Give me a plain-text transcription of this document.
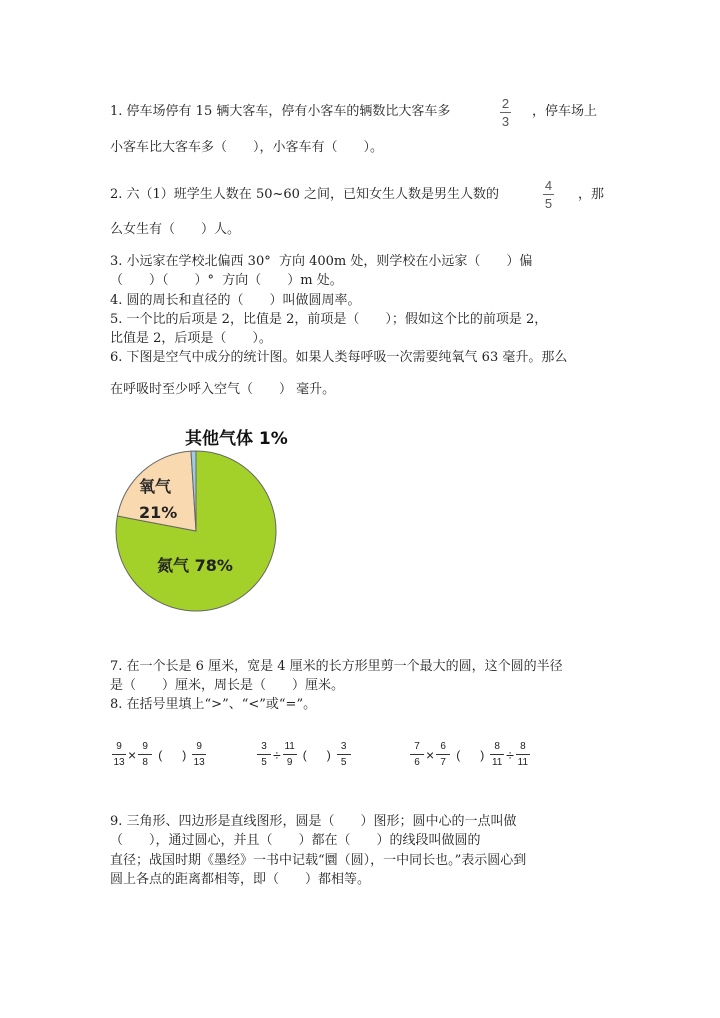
1. 停车场停有 15 辆大客车，停有小客车的辆数比大客车多
2
3
，停车场上
小客车比大客车多（　　），小客车有（　　）。
2. 六（1）班学生人数在 50~60 之间，已知女生人数是男生人数的
4
5
，那
么女生有（　　）人。
3. 小远家在学校北偏西 30°  方向 400m 处，则学校在小远家（　　）偏
（　　）（　　）°  方向（　　）m 处。
4. 圆的周长和直径的（　　）叫做圆周率。
5. 一个比的后项是 2，比值是 2，前项是（　　）；假如这个比的前项是 2，
比值是 2，后项是（　　）。
6. 下图是空气中成分的统计图。如果人类每呼吸一次需要纯氧气 63 毫升。那么
在呼吸时至少呼入空气（　　） 毫升。
其他气体 1%
氧气
21%
氮气 78%
7. 在一个长是 6 厘米，宽是 4 厘米的长方形里剪一个最大的圆，这个圆的半径
是（　　）厘米，周长是（　　）厘米。
8. 在括号里填上“>”、“<”或“=”。
9
13 × 9
8
( )
9
13
3
5 ÷ 11
9
( )
3
5
7
6 × 6
7
( )
8
11 ÷ 8
11
9. 三角形、四边形是直线图形，圆是（　　）图形；圆中心的一点叫做
（　　），通过圆心，并且（　　）都在（　　）的线段叫做圆的
直径；战国时期《墨经》一书中记载“圜（圆），一中同长也。”表示圆心到
圆上各点的距离都相等，即（　　）都相等。
